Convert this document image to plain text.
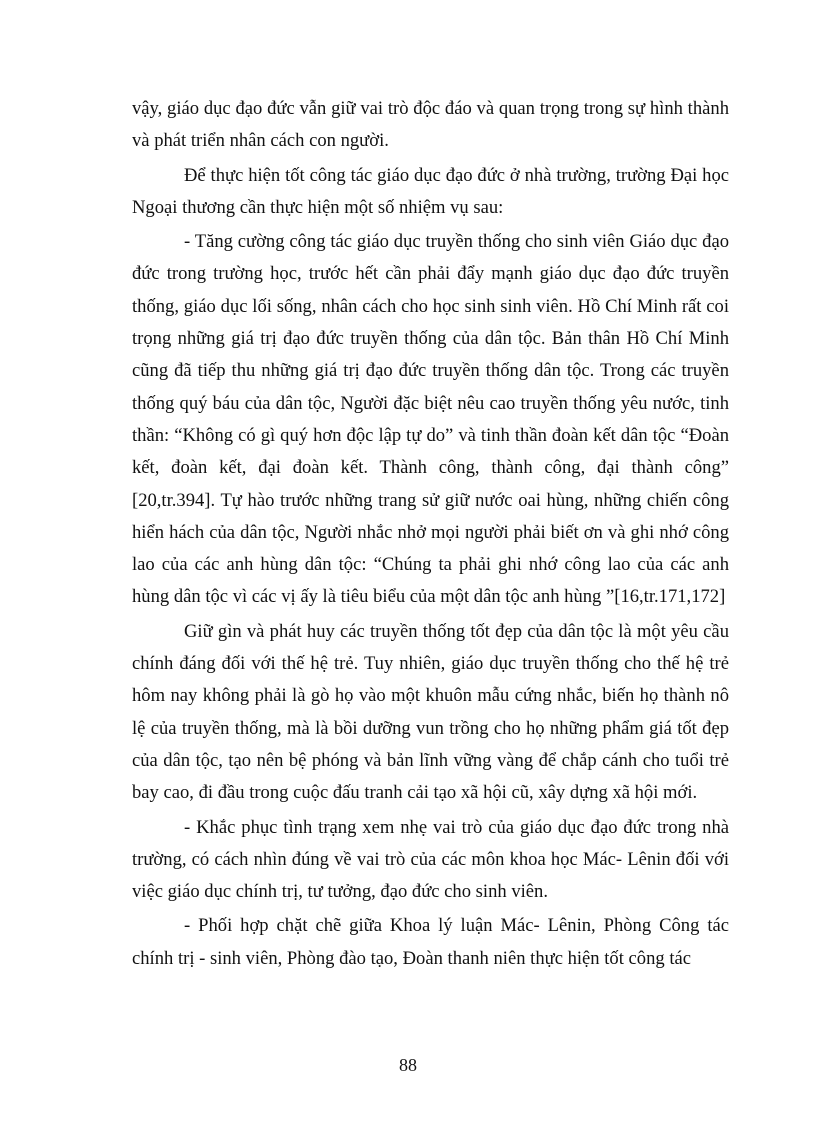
vậy, giáo dục đạo đức vẫn giữ vai trò độc đáo và quan trọng trong sự hình thành và phát triển nhân cách con người.

Để thực hiện tốt công tác giáo dục đạo đức ở nhà trường, trường Đại học Ngoại thương cần thực hiện một số nhiệm vụ sau:

- Tăng cường công tác giáo dục truyền thống cho sinh viên Giáo dục đạo đức trong trường học, trước hết cần phải đẩy mạnh giáo dục đạo đức truyền thống, giáo dục lối sống, nhân cách cho học sinh sinh viên. Hồ Chí Minh rất coi trọng những giá trị đạo đức truyền thống của dân tộc. Bản thân Hồ Chí Minh cũng đã tiếp thu những giá trị đạo đức truyền thống dân tộc. Trong các truyền thống quý báu của dân tộc, Người đặc biệt nêu cao truyền thống yêu nước, tinh thần: “Không có gì quý hơn độc lập tự do” và tinh thần đoàn kết dân tộc “Đoàn kết, đoàn kết, đại đoàn kết. Thành công, thành công, đại thành công” [20,tr.394]. Tự hào trước những trang sử giữ nước oai hùng, những chiến công hiển hách của dân tộc, Người nhắc nhở mọi người phải biết ơn và ghi nhớ công lao của các anh hùng dân tộc: “Chúng ta phải ghi nhớ công lao của các anh hùng dân tộc vì các vị ấy là tiêu biểu của một dân tộc anh hùng ”[16,tr.171,172]

Giữ gìn và phát huy các truyền thống tốt đẹp của dân tộc là một yêu cầu chính đáng đối với thế hệ trẻ. Tuy nhiên, giáo dục truyền thống cho thế hệ trẻ hôm nay không phải là gò họ vào một khuôn mẫu cứng nhắc, biến họ thành nô lệ của truyền thống, mà là bồi dưỡng vun trồng cho họ những phẩm giá tốt đẹp của dân tộc, tạo nên bệ phóng và bản lĩnh vững vàng để chắp cánh cho tuổi trẻ bay cao, đi đầu trong cuộc đấu tranh cải tạo xã hội cũ, xây dựng xã hội mới.

- Khắc phục tình trạng xem nhẹ vai trò của giáo dục đạo đức trong nhà trường, có cách nhìn đúng về vai trò của các môn khoa học Mác- Lênin đối với việc giáo dục chính trị, tư tưởng, đạo đức cho sinh viên.

- Phối hợp chặt chẽ giữa Khoa lý luận Mác- Lênin, Phòng Công tác chính trị - sinh viên, Phòng đào tạo, Đoàn thanh niên thực hiện tốt công tác

88
